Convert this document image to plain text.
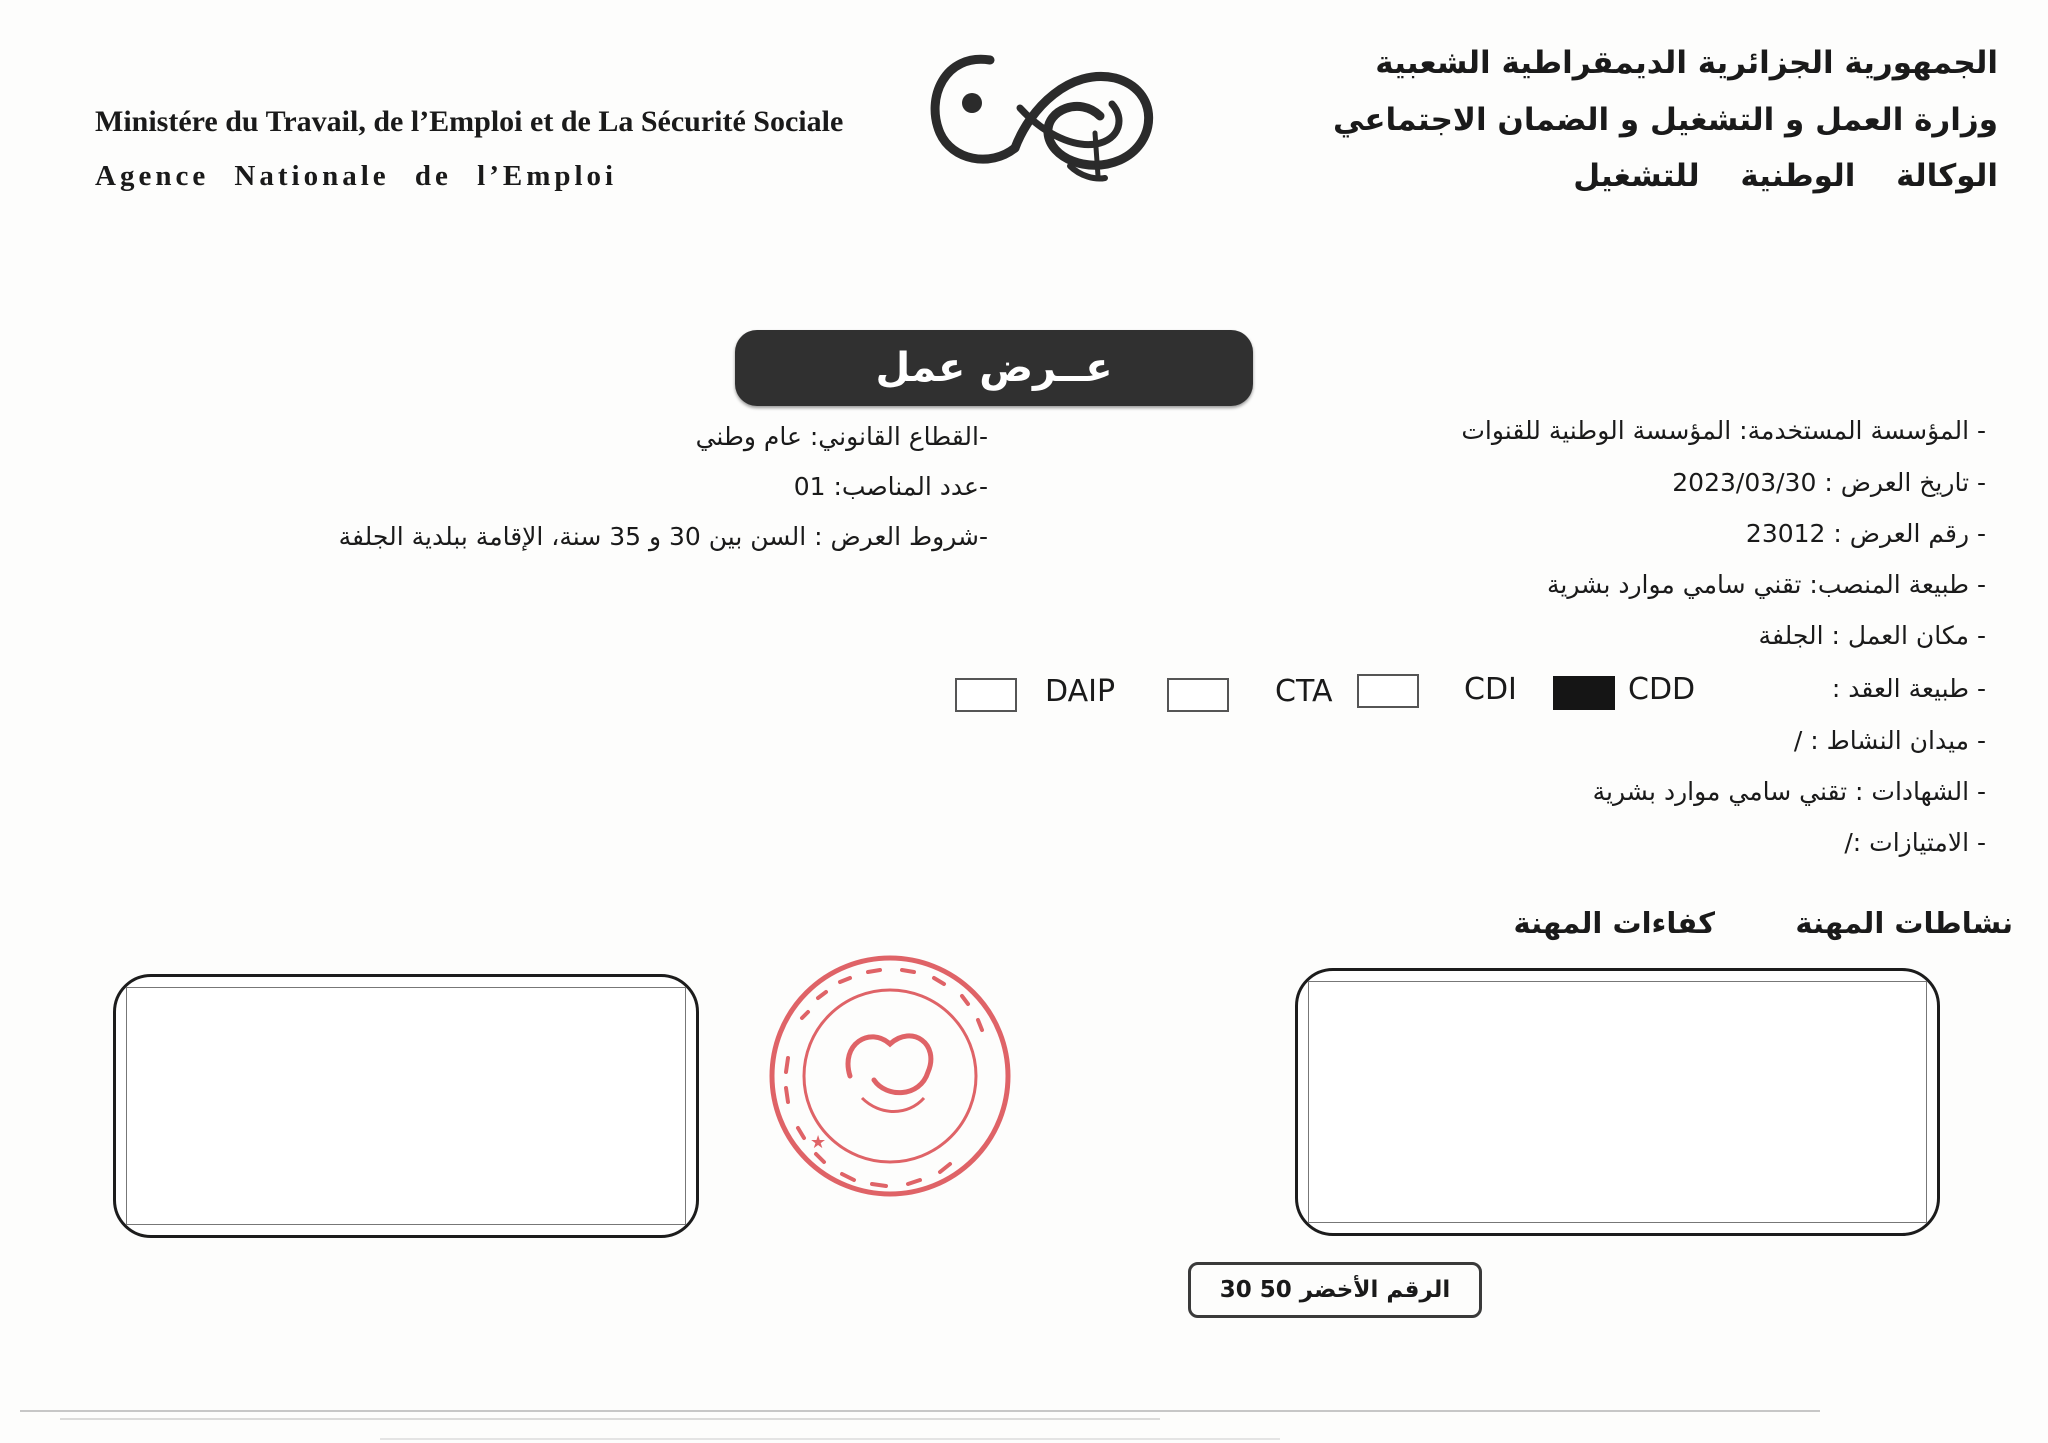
Ministére du Travail, de l’Emploi et de La Sécurité Sociale
Agence Nationale de l’Emploi
الجمهورية الجزائرية الديمقراطية الشعبية
وزارة العمل و التشغيل و الضمان الاجتماعي
الوكالة الوطنية للتشغيل
عــرض عمل
- المؤسسة المستخدمة: المؤسسة الوطنية للقنوات
- تاريخ العرض : 2023/03/30
- رقم العرض : 23012
- طبيعة المنصب: تقني سامي موارد بشرية
- مكان العمل : الجلفة
-القطاع القانوني: عام وطني
-عدد المناصب: 01
-شروط العرض : السن بين 30 و 35 سنة، الإقامة ببلدية الجلفة
- طبيعة العقد :
CDD
CDI
CTA
DAIP
- ميدان النشاط : /
- الشهادات : تقني سامي موارد بشرية
- الامتيازات :/
نشاطات المهنة
كفاءات المهنة
★
الرقم الأخضر 50 30
